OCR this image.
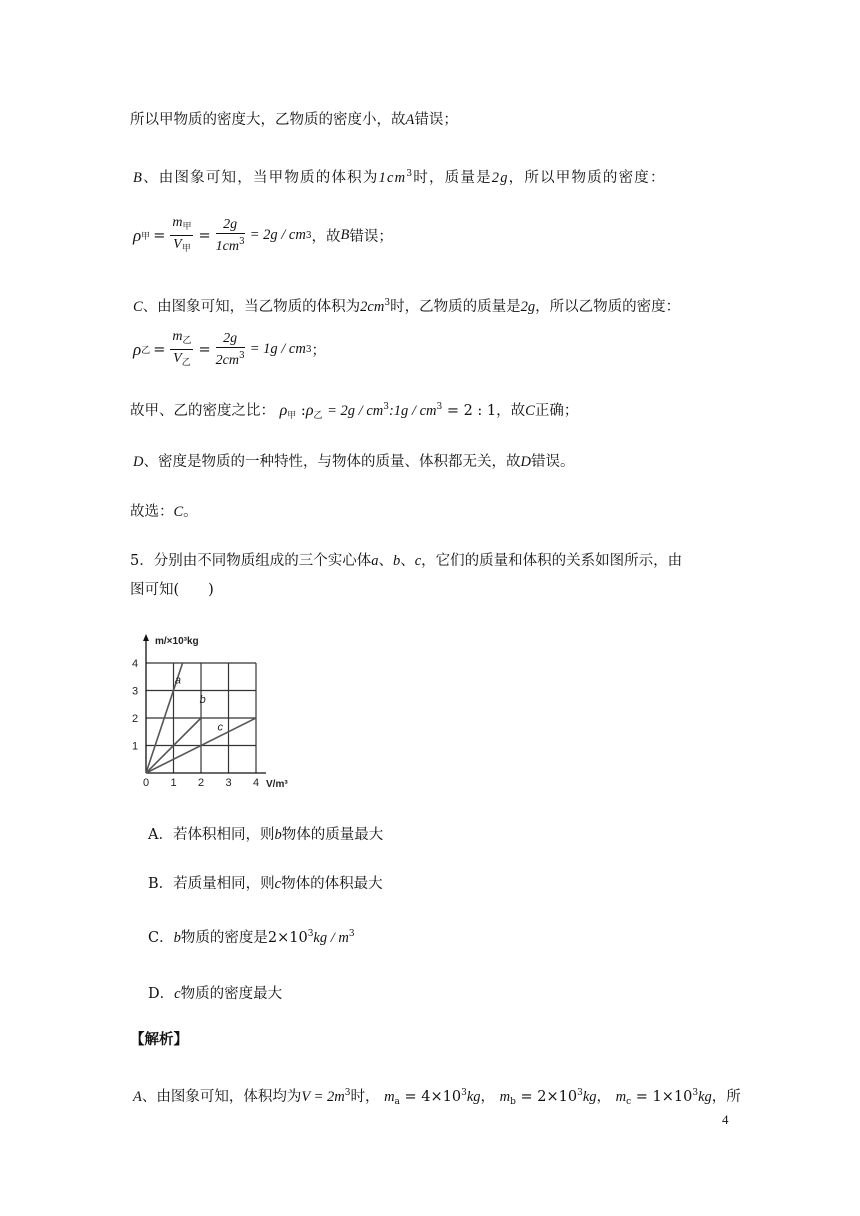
所以甲物质的密度大，乙物质的密度小，故A错误；
B、由图象可知，当甲物质的体积为$1cm^3$时，质量是2g，所以甲物质的密度：
ρ 甲 = $\frac{m_甲}{V_甲} = \frac{2g}{1cm^3} = 2g$ / cm 3 ，故 B 错误；
C、由图象可知，当乙物质的体积为$2cm^3$时，乙物质的质量是2g，所以乙物质的密度：
ρ 乙 = $\frac{m_乙}{V_乙} = \frac{2g}{2cm^3} = 1g$ / cm 3 ；
故甲、乙的密度之比： $\rho_甲$ $:\rho_乙 = 2g$ / $cm^3:1g / cm^3 = 2$ : 1，故C正确；
D、密度是物质的一种特性，与物体的质量、体积都无关，故D错误。
故选：C。
5．分别由不同物质组成的三个实心体a、b、c，它们的质量和体积的关系如图所示，由
图可知(　　)
a
b
c
0 1 2 3 4
1
2
3
4
m/×10³kg
V/m³
A．若体积相同，则b物体的质量最大
B．若质量相同，则c物体的体积最大
C．b物质的密度是$2\times 10^3kg / m^3$
D．c物质的密度最大
【解析】
A、由图象可知，体积均为$V = 2m^3$时， $m_a = 4\times 10^3kg$， $m_b = 2\times 10^3kg$， $m_c = 1\times 10^3kg$，所
4
